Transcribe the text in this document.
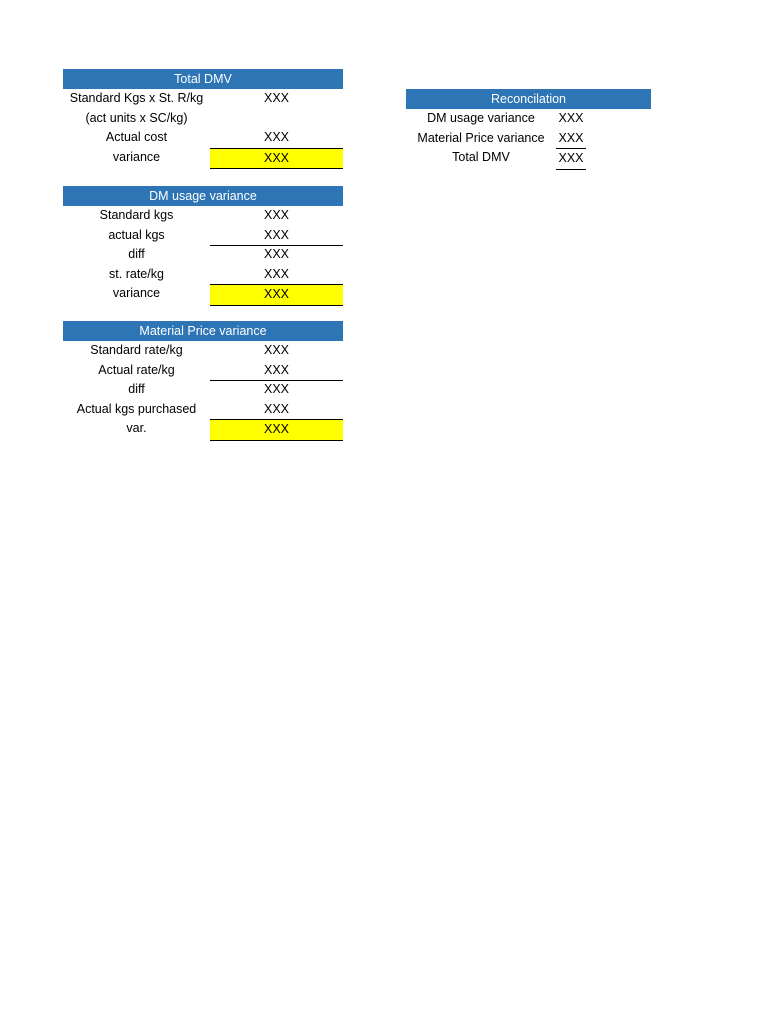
Total DMV
Standard Kgs x St. R/kg	XXX
(act units x SC/kg)
Actual cost	XXX
variance	XXX
DM usage variance
Standard kgs	XXX
actual kgs	XXX
diff	XXX
st. rate/kg	XXX
variance	XXX
Material Price variance
Standard rate/kg	XXX
Actual rate/kg	XXX
diff	XXX
Actual kgs purchased	XXX
var.	XXX
Reconcilation
DM usage variance	XXX
Material Price variance	XXX
Total DMV	XXX
